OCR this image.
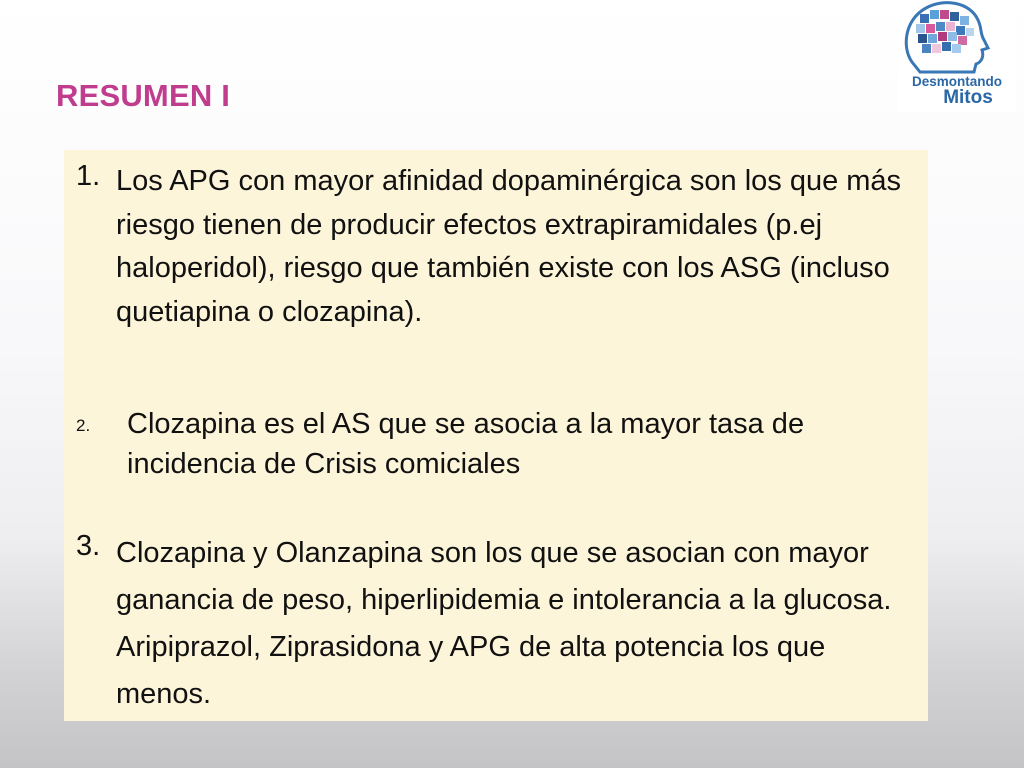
RESUMEN I	Desmontando
Mitos
1. Los APG con mayor afinidad dopaminérgica son los que más riesgo tienen de producir efectos extrapiramidales (p.ej haloperidol), riesgo que también existe con los ASG (incluso quetiapina o clozapina).
2. Clozapina es el AS que se asocia a la mayor tasa de incidencia de Crisis comiciales
3. Clozapina y Olanzapina son los que se asocian con mayor ganancia de peso, hiperlipidemia e intolerancia a la glucosa. Aripiprazol, Ziprasidona y APG de alta potencia los que menos.
